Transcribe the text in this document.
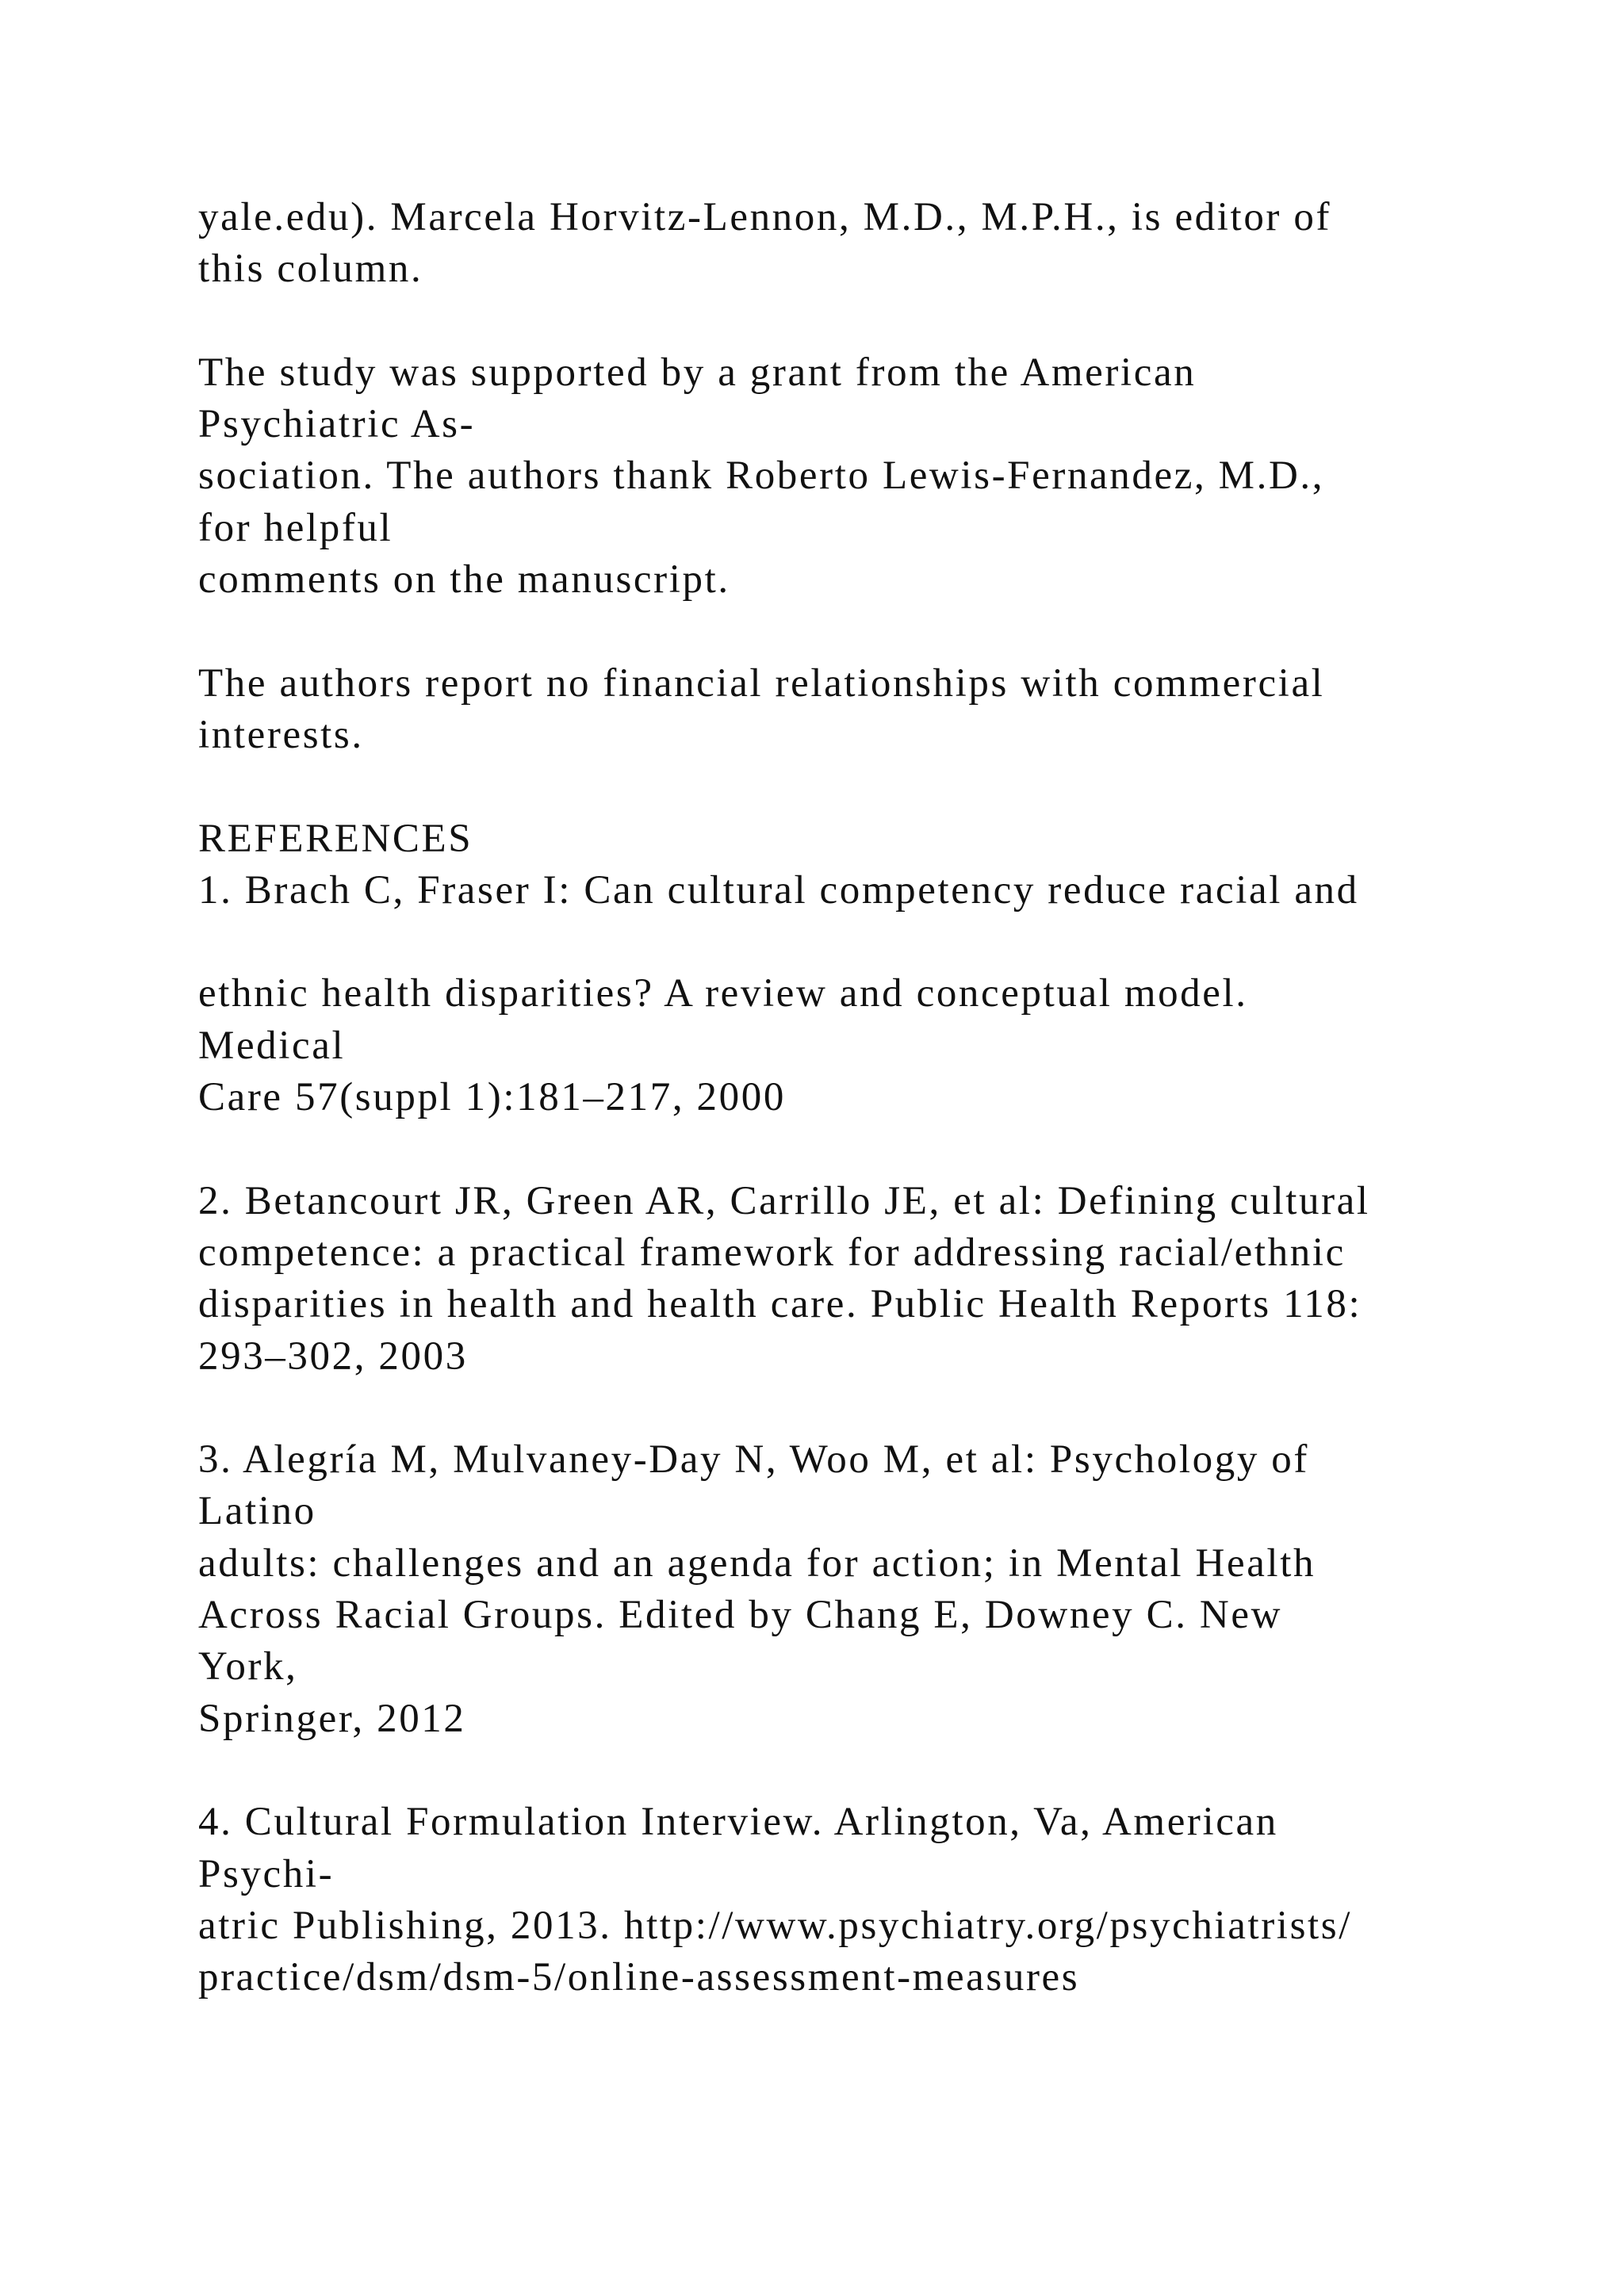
yale.edu). Marcela Horvitz-Lennon, M.D., M.P.H., is editor of
this column.
The study was supported by a grant from the American
Psychiatric As-
sociation. The authors thank Roberto Lewis-Fernandez, M.D.,
for helpful
comments on the manuscript.
The authors report no financial relationships with commercial
interests.
REFERENCES
1. Brach C, Fraser I: Can cultural competency reduce racial and
ethnic health disparities? A review and conceptual model.
Medical
Care 57(suppl 1):181–217, 2000
2. Betancourt JR, Green AR, Carrillo JE, et al: Defining cultural
competence: a practical framework for addressing racial/ethnic
disparities in health and health care. Public Health Reports 118:
293–302, 2003
3. Alegría M, Mulvaney-Day N, Woo M, et al: Psychology of
Latino
adults: challenges and an agenda for action; in Mental Health
Across Racial Groups. Edited by Chang E, Downey C. New
York,
Springer, 2012
4. Cultural Formulation Interview. Arlington, Va, American
Psychi-
atric Publishing, 2013. http://www.psychiatry.org/psychiatrists/
practice/dsm/dsm-5/online-assessment-measures
